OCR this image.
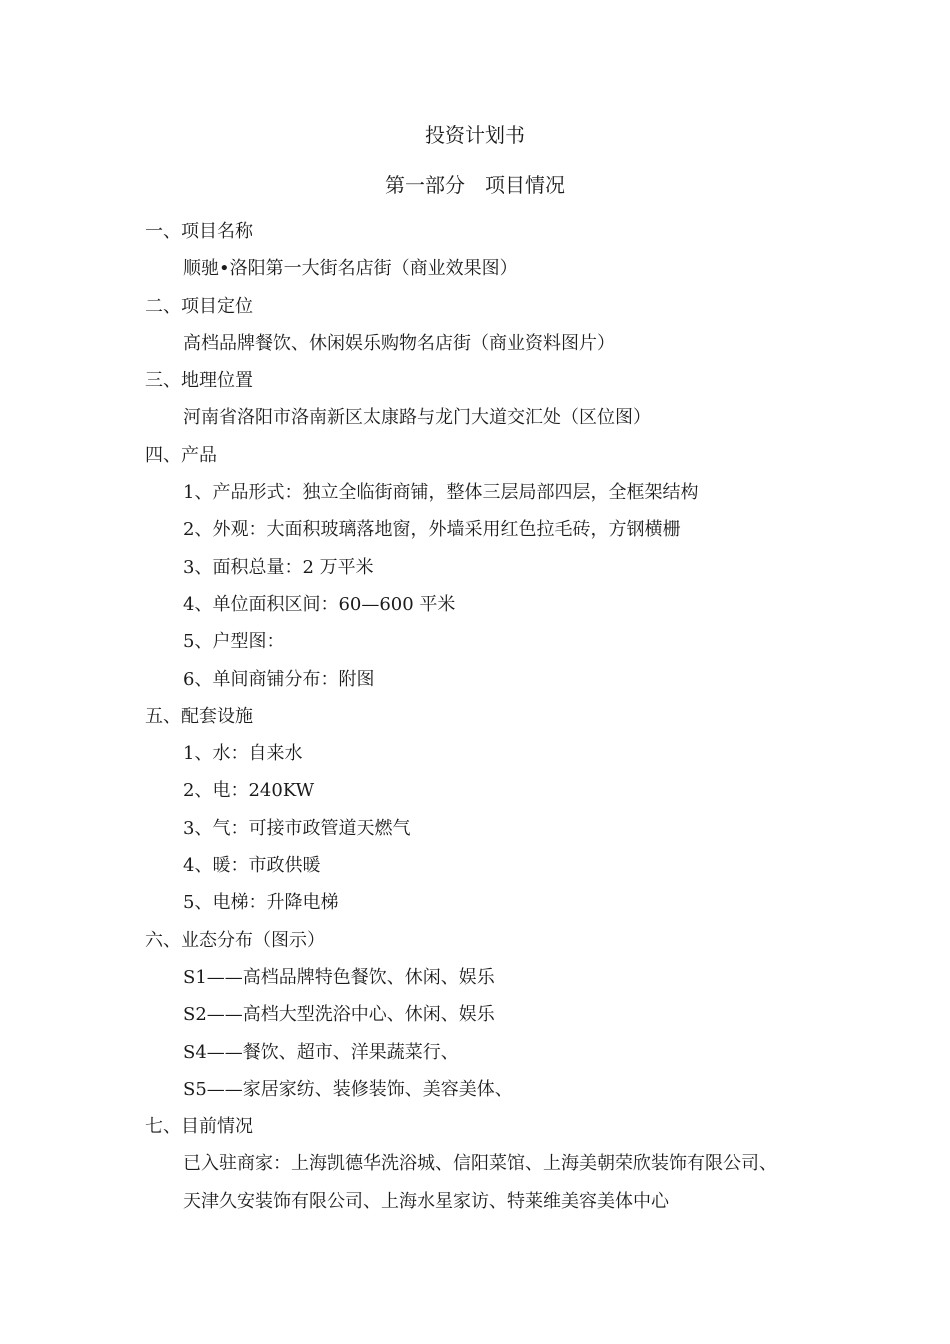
投资计划书
第一部分　项目情况
一、项目名称
顺驰•洛阳第一大街名店街（商业效果图）
二、项目定位
高档品牌餐饮、休闲娱乐购物名店街（商业资料图片）
三、地理位置
河南省洛阳市洛南新区太康路与龙门大道交汇处（区位图）
四、产品
1、产品形式：独立全临街商铺，整体三层局部四层，全框架结构
2、外观：大面积玻璃落地窗，外墙采用红色拉毛砖，方钢横栅
3、面积总量：2 万平米
4、单位面积区间：60—600 平米
5、户型图：
6、单间商铺分布：附图
五、配套设施
1、水：自来水
2、电：240KW
3、气：可接市政管道天燃气
4、暖：市政供暖
5、电梯：升降电梯
六、业态分布（图示）
S1——高档品牌特色餐饮、休闲、娱乐
S2——高档大型洗浴中心、休闲、娱乐
S4——餐饮、超市、洋果蔬菜行、
S5——家居家纺、装修装饰、美容美体、
七、目前情况
已入驻商家：上海凯德华洗浴城、信阳菜馆、上海美朝荣欣装饰有限公司、
天津久安装饰有限公司、上海水星家访、特莱维美容美体中心
